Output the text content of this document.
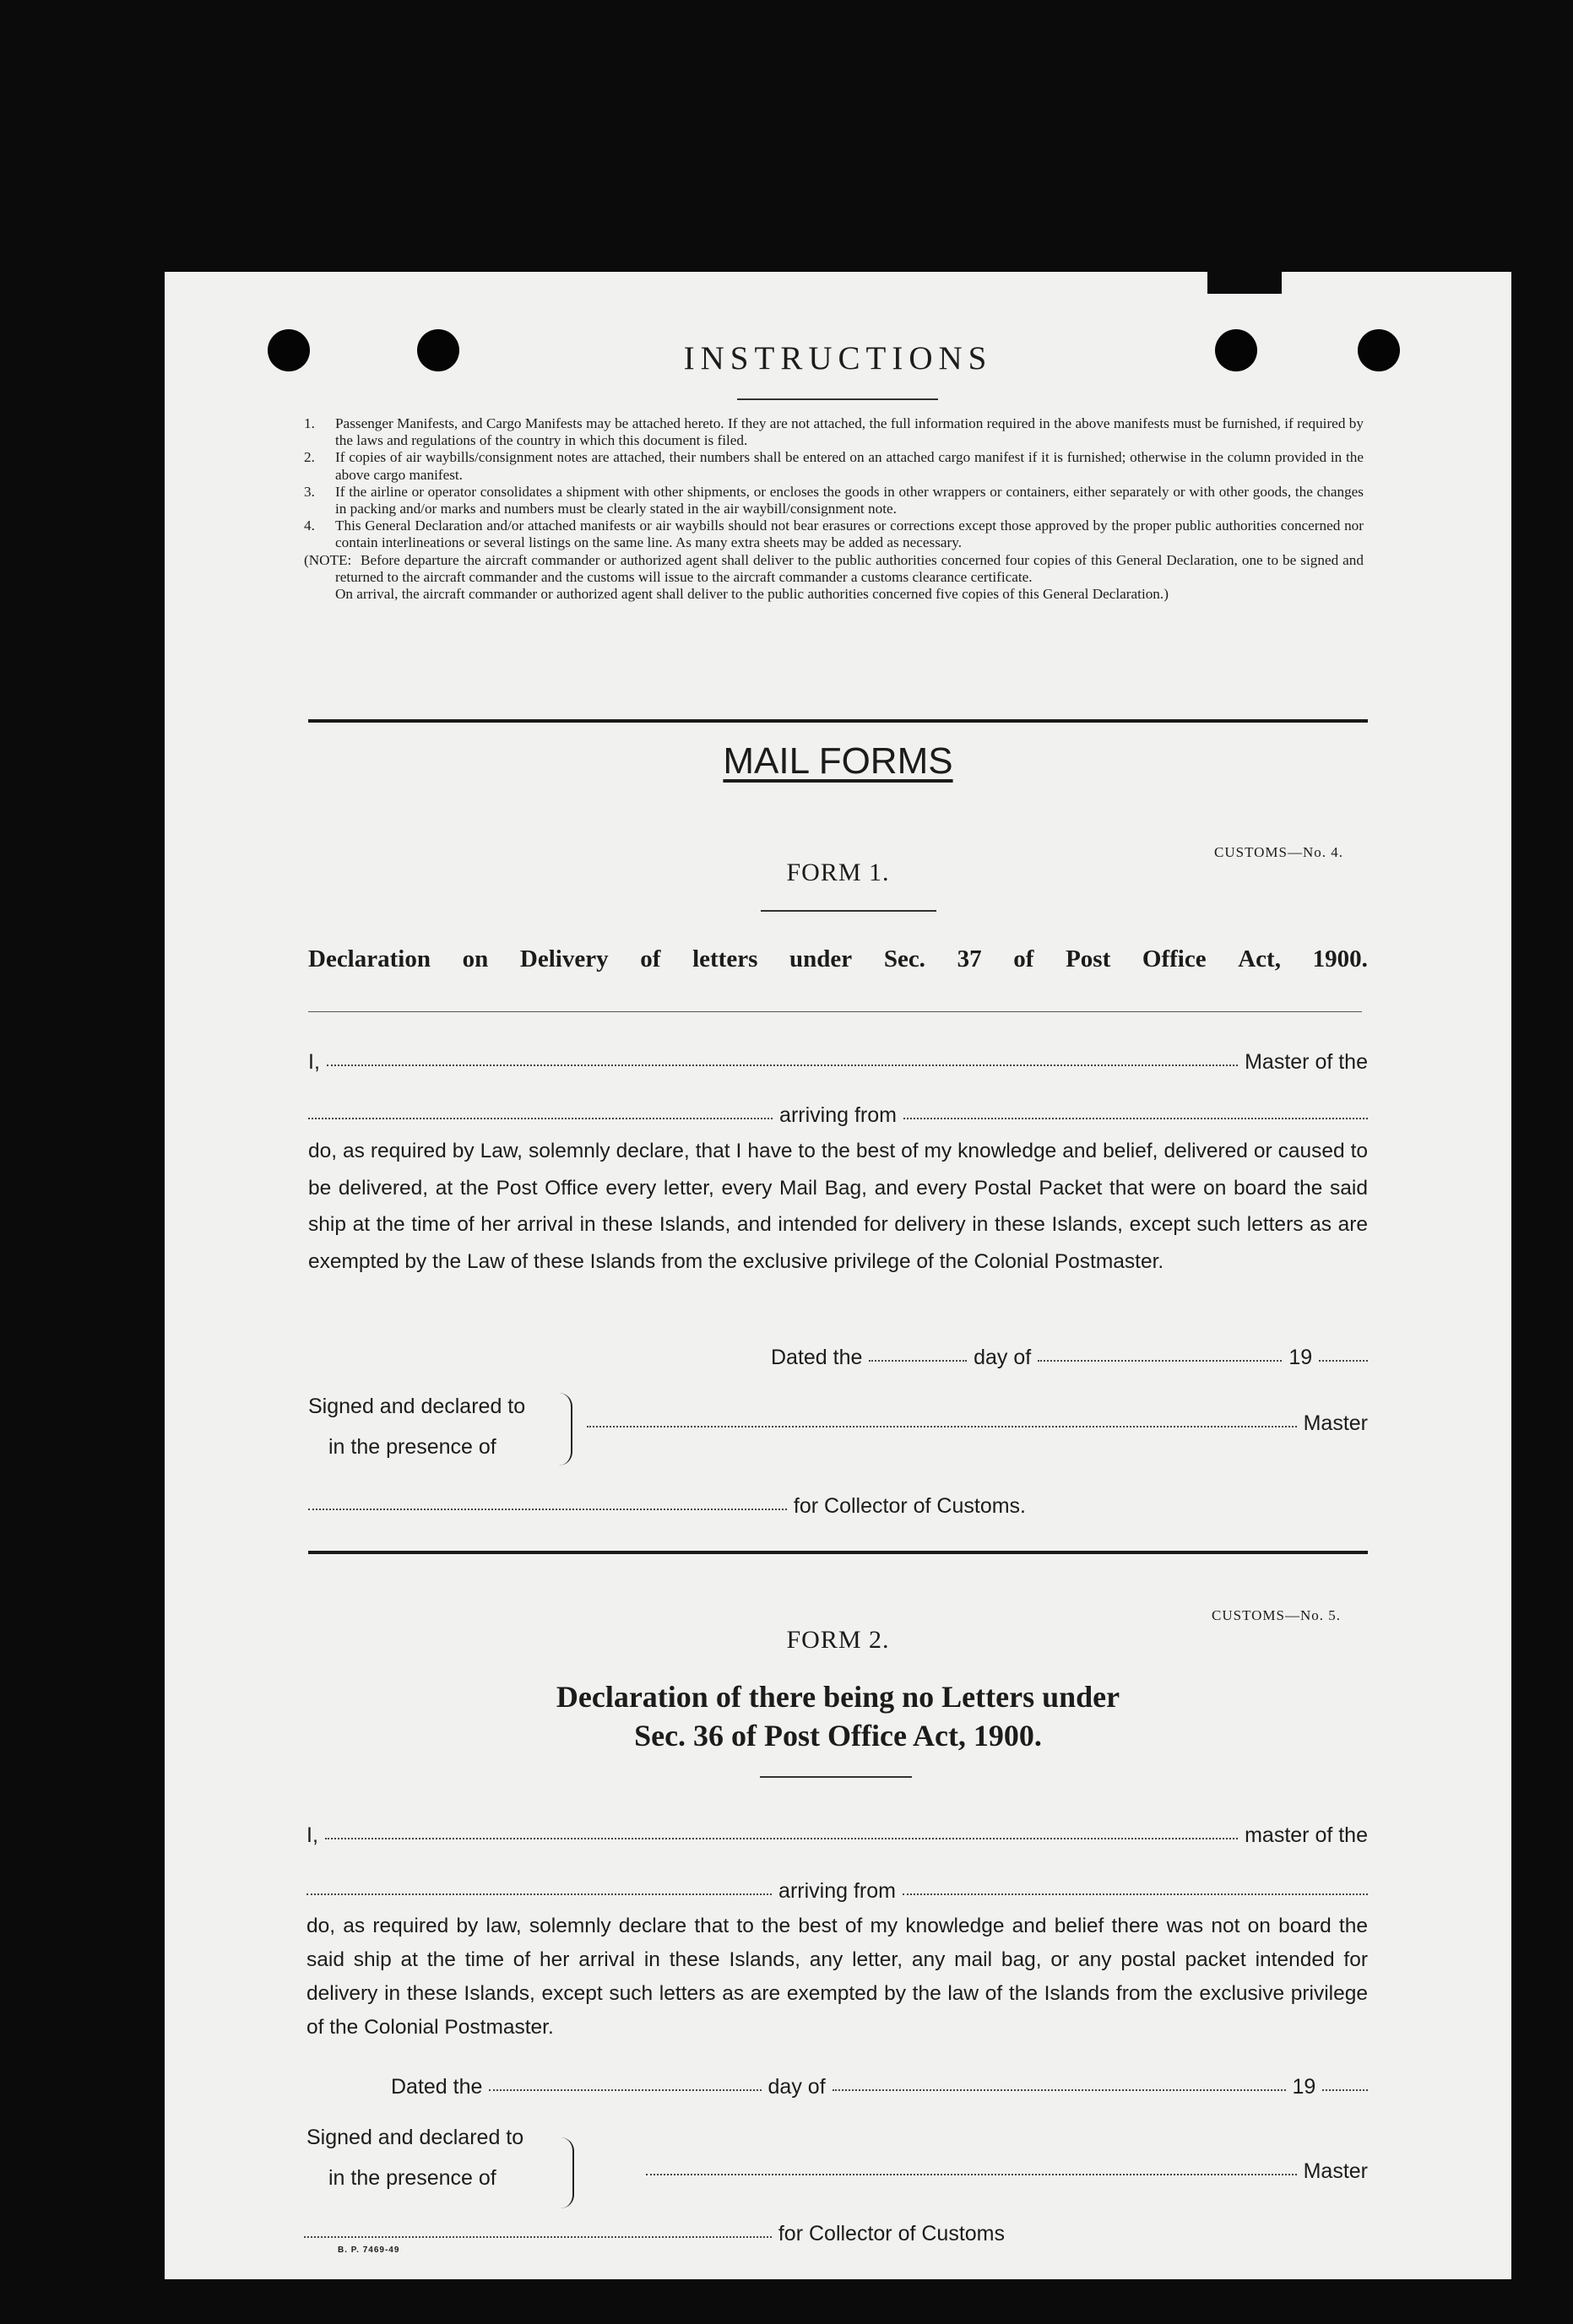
INSTRUCTIONS
1. Passenger Manifests, and Cargo Manifests may be attached hereto. If they are not attached, the full information required in the above manifests must be furnished, if required by the laws and regulations of the country in which this document is filed.
2. If copies of air waybills/consignment notes are attached, their numbers shall be entered on an attached cargo manifest if it is furnished; otherwise in the column provided in the above cargo manifest.
3. If the airline or operator consolidates a shipment with other shipments, or encloses the goods in other wrappers or containers, either separately or with other goods, the changes in packing and/or marks and numbers must be clearly stated in the air waybill/consignment note.
4. This General Declaration and/or attached manifests or air waybills should not bear erasures or corrections except those approved by the proper public authorities concerned nor contain interlineations or several listings on the same line. As many extra sheets may be added as necessary.
(NOTE: Before departure the aircraft commander or authorized agent shall deliver to the public authorities concerned four copies of this General Declaration, one to be signed and returned to the aircraft commander and the customs will issue to the aircraft commander a customs clearance certificate.
On arrival, the aircraft commander or authorized agent shall deliver to the public authorities concerned five copies of this General Declaration.)
MAIL FORMS
CUSTOMS—No. 4.
FORM 1.
Declaration on Delivery of letters under Sec. 37 of Post Office Act, 1900.
I,	Master of the
arriving from
do, as required by Law, solemnly declare, that I have to the best of my knowledge and belief, delivered or caused to be delivered, at the Post Office every letter, every Mail Bag, and every Postal Packet that were on board the said ship at the time of her arrival in these Islands, and intended for delivery in these Islands, except such letters as are exempted by the Law of these Islands from the exclusive privilege of the Colonial Postmaster.
Dated the	day of	19
Signed and declared to
in the presence of
Master
for Collector of Customs.
CUSTOMS—No. 5.
FORM 2.
Declaration of there being no Letters under
Sec. 36 of Post Office Act, 1900.
I,	master of the
arriving from
do, as required by law, solemnly declare that to the best of my knowledge and belief there was not on board the said ship at the time of her arrival in these Islands, any letter, any mail bag, or any postal packet intended for delivery in these Islands, except such letters as are exempted by the law of the Islands from the exclusive privilege of the Colonial Postmaster.
Dated the	day of	19
Signed and declared to
in the presence of	Master
for Collector of Customs
B. P. 7469-49
